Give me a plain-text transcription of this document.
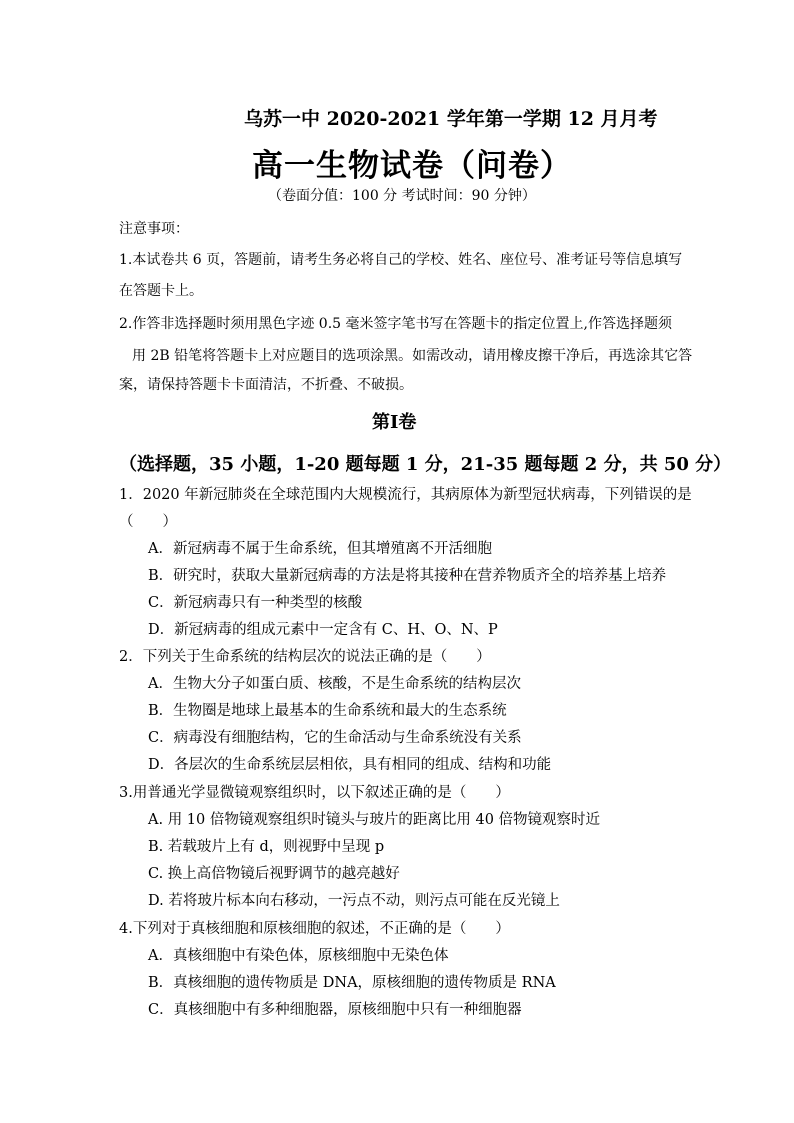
乌苏一中 2020-2021 学年第一学期 12 月月考
高一生物试卷（问卷）
（卷面分值：100 分 考试时间：90 分钟）
注意事项：
1.本试卷共 6 页，答题前，请考生务必将自己的学校、姓名、座位号、准考证号等信息填写
在答题卡上。
2.作答非选择题时须用黑色字迹 0.5 毫米签字笔书写在答题卡的指定位置上,作答选择题须
用 2B 铅笔将答题卡上对应题目的选项涂黑。如需改动，请用橡皮擦干净后，再选涂其它答
案，请保持答题卡卡面清洁，不折叠、不破损。
第Ⅰ卷
（选择题，35 小题，1-20 题每题 1 分，21-35 题每题 2 分，共 50 分）
1．2020 年新冠肺炎在全球范围内大规模流行，其病原体为新型冠状病毒，下列错误的是
（　　）
A．新冠病毒不属于生命系统，但其增殖离不开活细胞
B．研究时，获取大量新冠病毒的方法是将其接种在营养物质齐全的培养基上培养
C．新冠病毒只有一种类型的核酸
D．新冠病毒的组成元素中一定含有 C、H、O、N、P
2．下列关于生命系统的结构层次的说法正确的是（　　）
A．生物大分子如蛋白质、核酸，不是生命系统的结构层次
B．生物圈是地球上最基本的生命系统和最大的生态系统
C．病毒没有细胞结构，它的生命活动与生命系统没有关系
D．各层次的生命系统层层相依，具有相同的组成、结构和功能
3.用普通光学显微镜观察组织时，以下叙述正确的是（　　）
A. 用 10 倍物镜观察组织时镜头与玻片的距离比用 40 倍物镜观察时近
B. 若载玻片上有 d，则视野中呈现 p
C. 换上高倍物镜后视野调节的越亮越好
D. 若将玻片标本向右移动，一污点不动，则污点可能在反光镜上
4.下列对于真核细胞和原核细胞的叙述，不正确的是（　　）
A．真核细胞中有染色体，原核细胞中无染色体
B．真核细胞的遗传物质是 DNA，原核细胞的遗传物质是 RNA
C．真核细胞中有多种细胞器，原核细胞中只有一种细胞器
